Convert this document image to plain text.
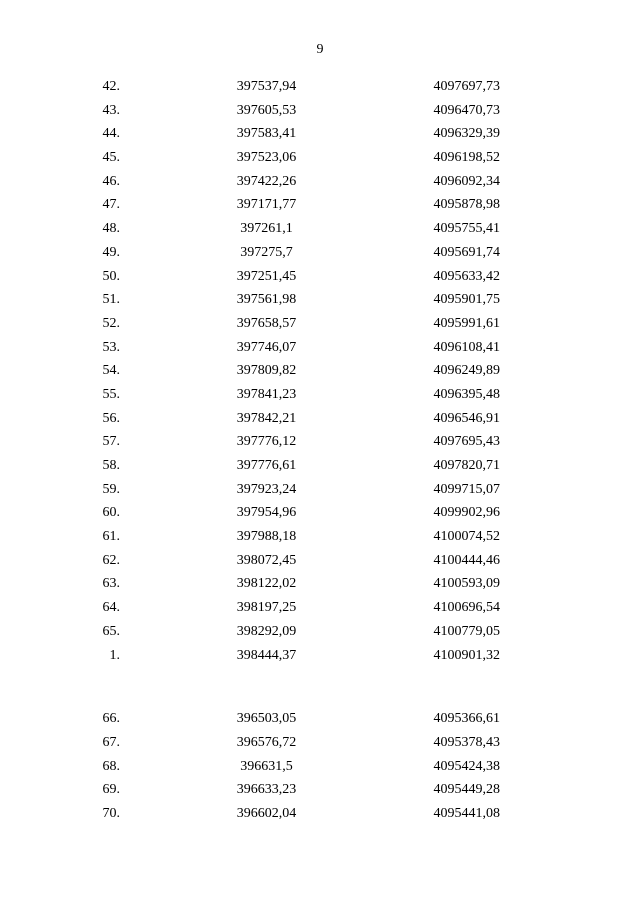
9
42.	397537,94	4097697,73
43.	397605,53	4096470,73
44.	397583,41	4096329,39
45.	397523,06	4096198,52
46.	397422,26	4096092,34
47.	397171,77	4095878,98
48.	397261,1	4095755,41
49.	397275,7	4095691,74
50.	397251,45	4095633,42
51.	397561,98	4095901,75
52.	397658,57	4095991,61
53.	397746,07	4096108,41
54.	397809,82	4096249,89
55.	397841,23	4096395,48
56.	397842,21	4096546,91
57.	397776,12	4097695,43
58.	397776,61	4097820,71
59.	397923,24	4099715,07
60.	397954,96	4099902,96
61.	397988,18	4100074,52
62.	398072,45	4100444,46
63.	398122,02	4100593,09
64.	398197,25	4100696,54
65.	398292,09	4100779,05
1.	398444,37	4100901,32
66.	396503,05	4095366,61
67.	396576,72	4095378,43
68.	396631,5	4095424,38
69.	396633,23	4095449,28
70.	396602,04	4095441,08
